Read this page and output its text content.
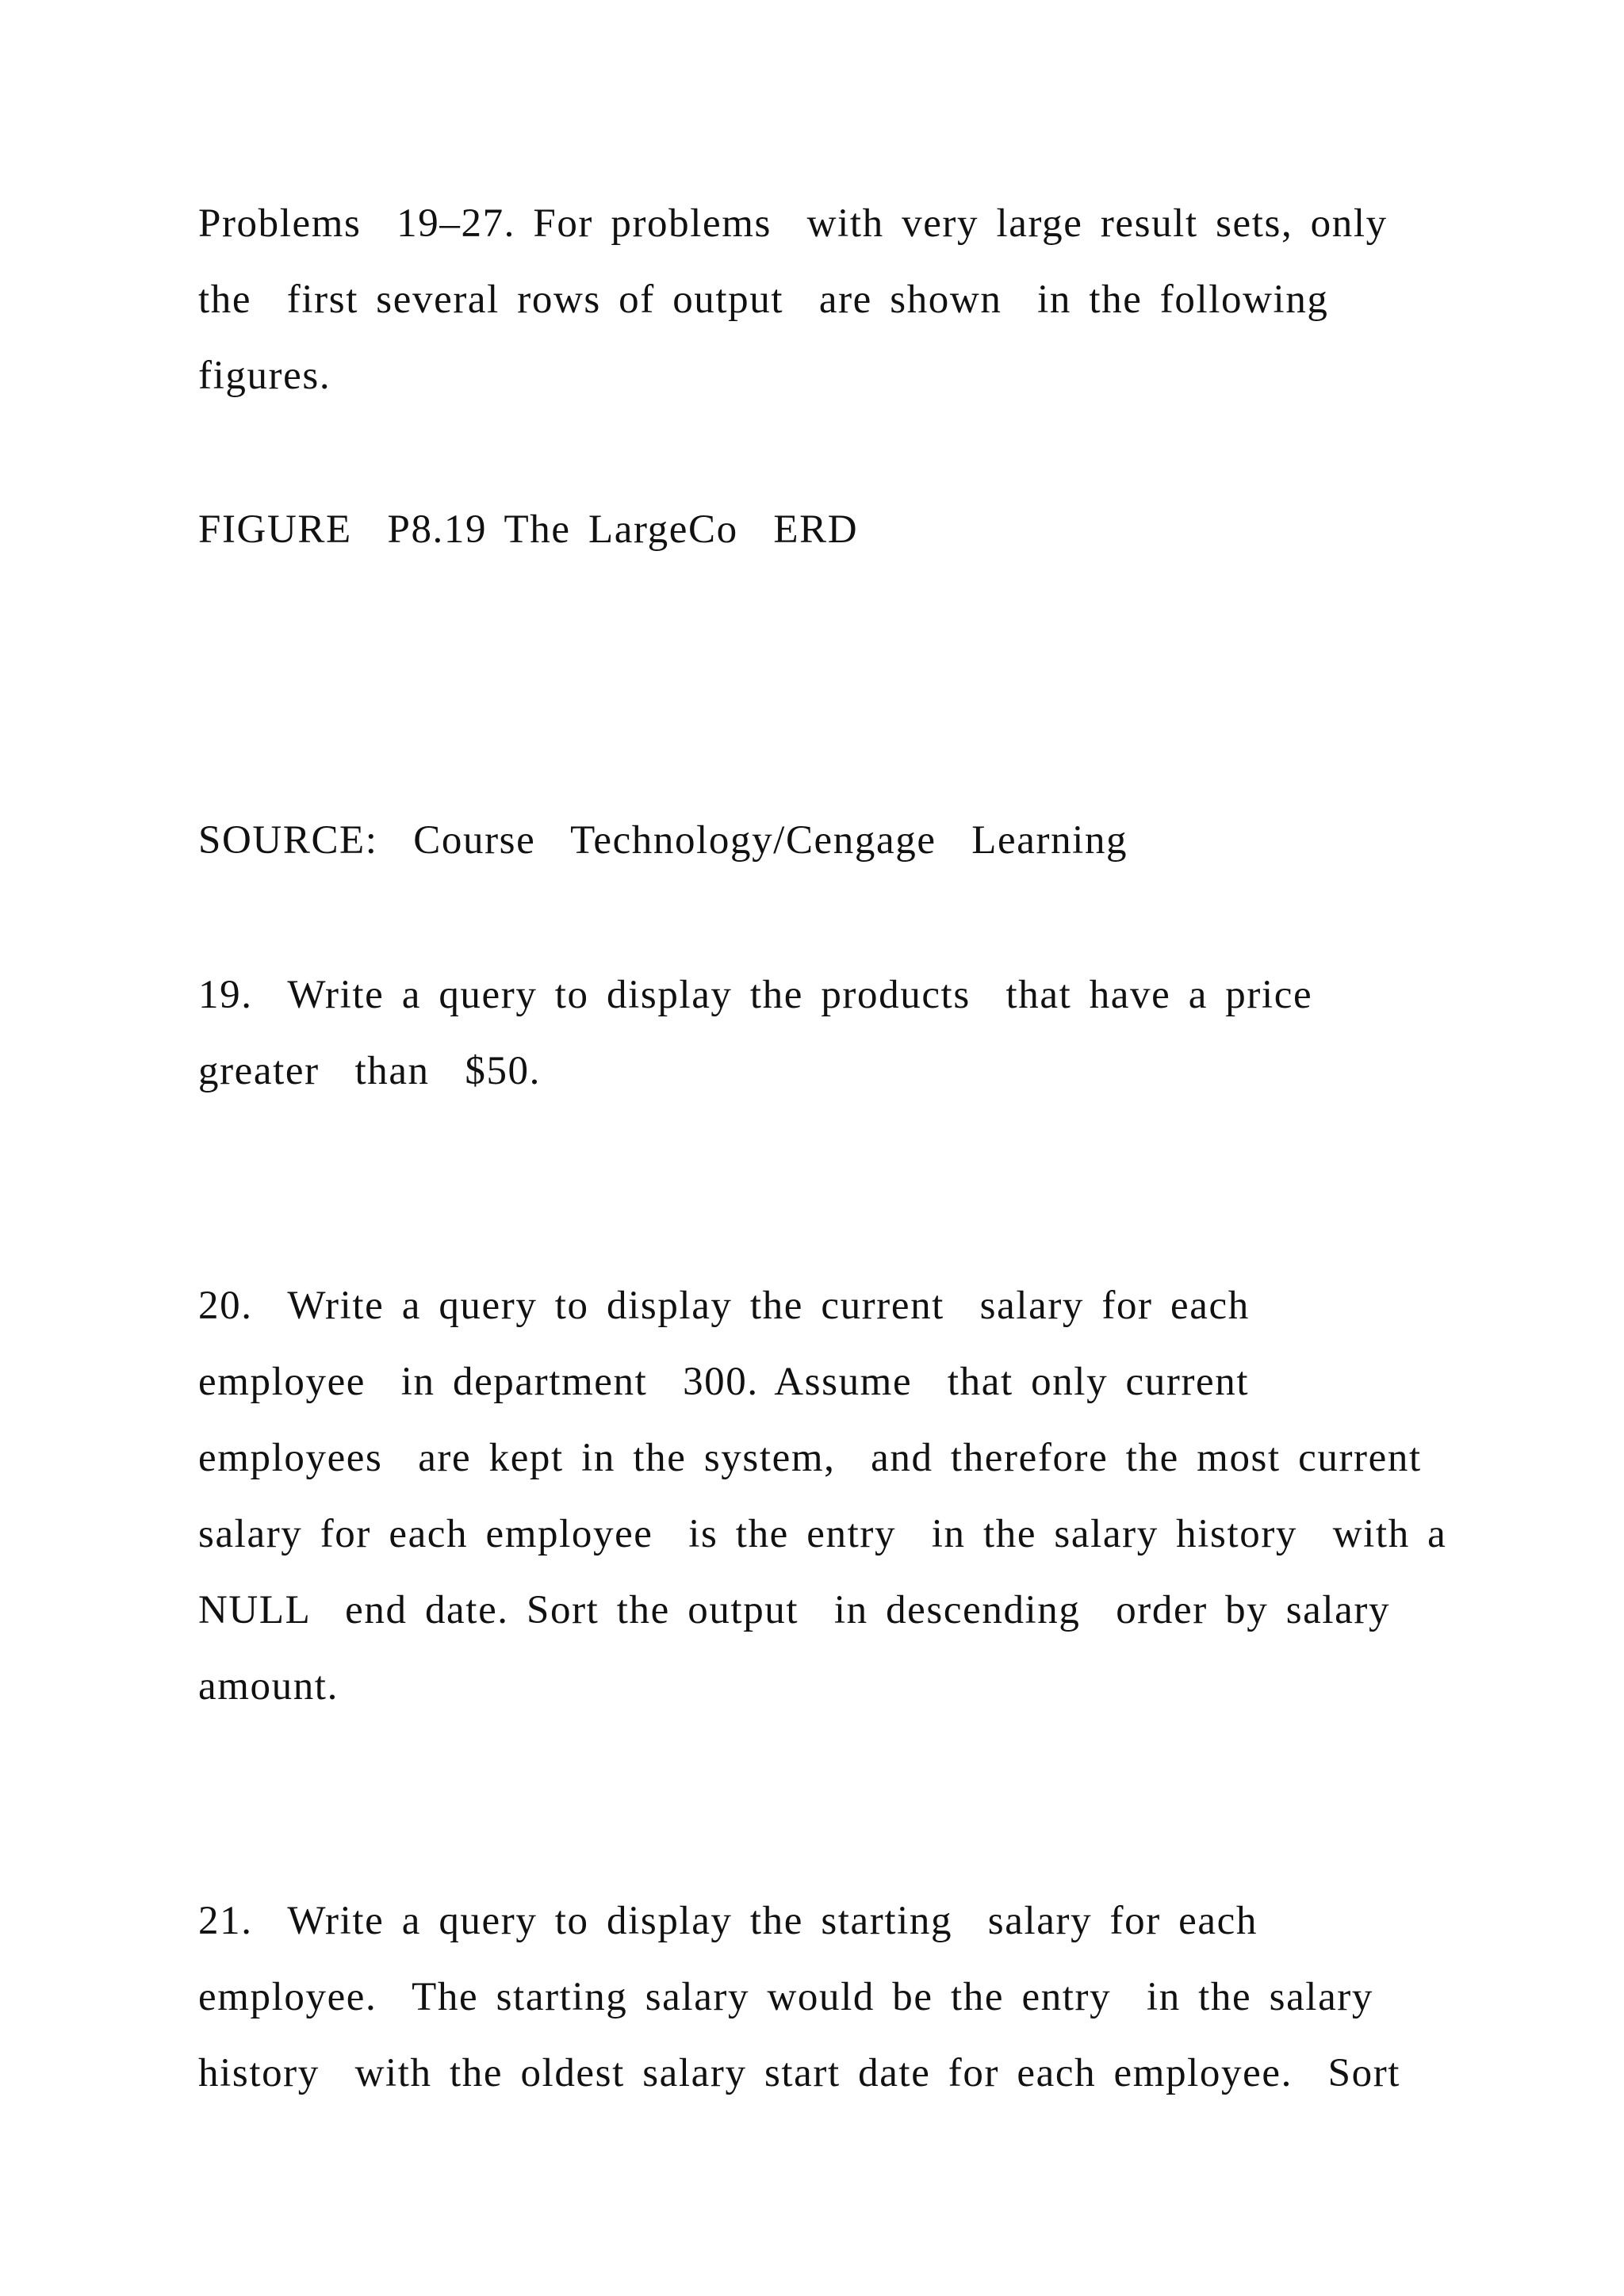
Problems  19–27. For problems  with very large result sets, only
the  first several rows of output  are shown  in the following
figures.
FIGURE  P8.19 The LargeCo  ERD
SOURCE:  Course  Technology/Cengage  Learning
19.  Write a query to display the products  that have a price
greater  than  $50.
20.  Write a query to display the current  salary for each
employee  in department  300. Assume  that only current
employees  are kept in the system,  and therefore the most current
salary for each employee  is the entry  in the salary history  with a
NULL  end date. Sort the output  in descending  order by salary
amount.
21.  Write a query to display the starting  salary for each
employee.  The starting salary would be the entry  in the salary
history  with the oldest salary start date for each employee.  Sort
